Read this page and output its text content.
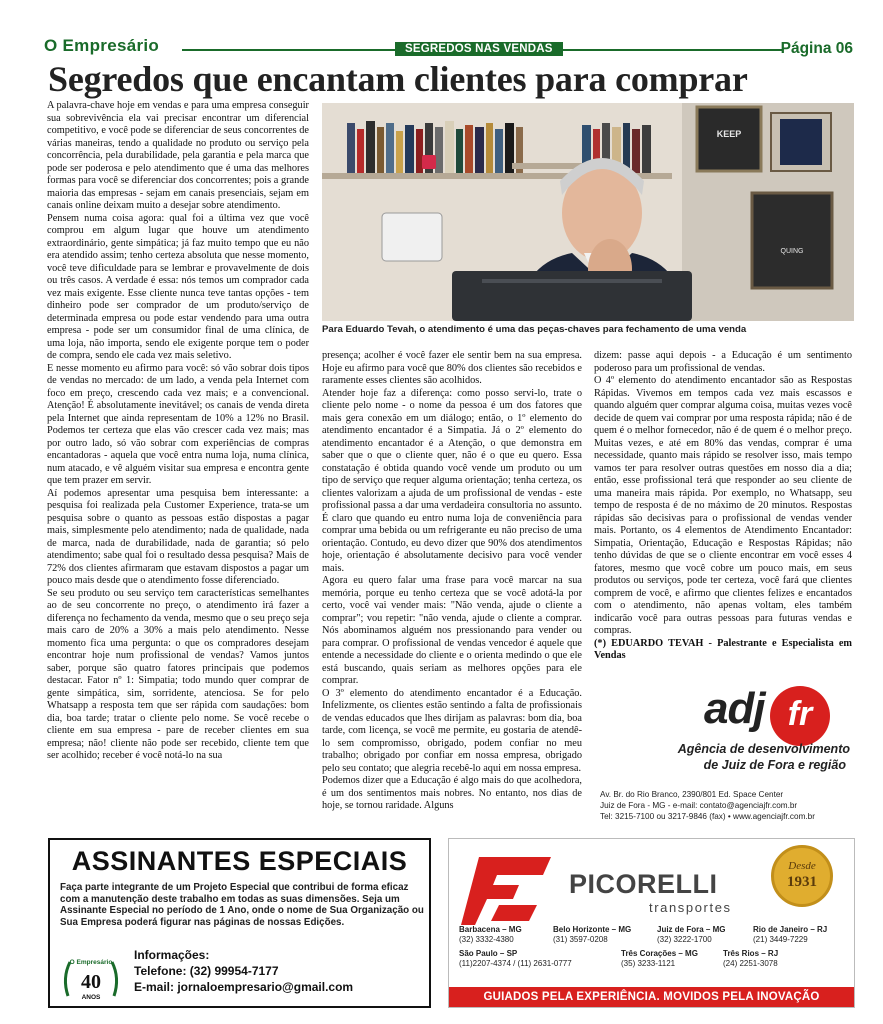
O Empresário	SEGREDOS NAS VENDAS	Página 06
Segredos que encantam clientes para comprar

A palavra-chave hoje em vendas e para uma empresa conseguir sua sobrevivência ela vai precisar encontrar um diferencial competitivo, e você pode se diferenciar de seus concorrentes de várias maneiras, tendo a qualidade no produto ou serviço pela concorrência, pela durabilidade, pela garantia e pela marca que pode ser poderosa e pelo atendimento que é uma das melhores formas para você se diferenciar dos concorrentes; pois a grande maioria das empresas - sejam em canais presenciais, sejam em canais online deixam muito a desejar sobre atendimento.

Pensem numa coisa agora: qual foi a última vez que você comprou em algum lugar que houve um atendimento extraordinário, gente simpática; já faz muito tempo que eu não era atendido assim; tenho certeza absoluta que nesse momento, você teve dificuldade para se lembrar e provavelmente de dois ou três casos. A verdade é essa: nós temos um comprador cada vez mais exigente. Esse cliente nunca teve tantas opções - tem dinheiro pode ser comprador de um produto/serviço de determinada empresa ou pode estar vendendo para uma outra empresa - pode ser um consumidor final de uma clínica, de uma loja, não importa, sendo ele exigente porque tem o poder de compra, sendo ele cada vez mais seletivo.

E nesse momento eu afirmo para você: só vão sobrar dois tipos de vendas no mercado: de um lado, a venda pela Internet com foco em preço, crescendo cada vez mais; e a convencional. Atenção! É absolutamente inevitável; os canais de venda direta pela Internet que ainda representam de 10% a 12% no Brasil. Podemos ter certeza que elas vão crescer cada vez mais; mas por outro lado, só vão sobrar com experiências de compras encantadoras - aquela que você entra numa loja, numa clínica, num atacado, e vê alguém visitar sua empresa e encontra gente que tem prazer em servir.

Aí podemos apresentar uma pesquisa bem interessante: a pesquisa foi realizada pela Customer Experience, trata-se um pesquisa sobre o quanto as pessoas estão dispostas a pagar mais, simplesmente pelo atendimento; nada de qualidade, nada de marca, nada de durabilidade, nada de garantia; só pelo atendimento; sabe qual foi o resultado dessa pesquisa? Mais de 72% dos clientes afirmaram que estavam dispostos a pagar um pouco mais desde que o atendimento fosse diferenciado.

Se seu produto ou seu serviço tem características semelhantes ao de seu concorrente no preço, o atendimento irá fazer a diferença no fechamento da venda, mesmo que o seu preço seja mais caro de 20% a 30% a mais pelo atendimento. Nesse momento fica uma pergunta: o que os compradores desejam encontrar hoje num profissional de vendas? Vamos juntos saber, porque são quatro fatores principais que podemos destacar. Fator nº 1: Simpatia; todo mundo quer comprar de gente simpática, sim, sorridente, atenciosa. Se for pelo Whatsapp a resposta tem que ser rápida com saudações: bom dia, boa tarde; tratar o cliente pelo nome. Se você recebe o cliente em sua empresa - pare de receber clientes em sua empresa; não! cliente não pode ser recebido, cliente tem que ser acolhido; receber é você notá-lo na sua

KEEP
QUING
Para Eduardo Tevah, o atendimento é uma das peças-chaves para fechamento de uma venda

presença; acolher é você fazer ele sentir bem na sua empresa. Hoje eu afirmo para você que 80% dos clientes são recebidos e raramente esses clientes são acolhidos.

Atender hoje faz a diferença: como posso servi-lo, trate o cliente pelo nome - o nome da pessoa é um dos fatores que mais gera conexão em um diálogo; então, o 1º elemento do atendimento encantador é a Simpatia. Já o 2º elemento do atendimento encantador é a Atenção, o que demonstra em saber que o que o cliente quer, não é o que eu quero. Essa constatação é obtida quando você vende um produto ou um tipo de serviço que requer alguma orientação; tenha certeza, os clientes valorizam a ajuda de um profissional de vendas - este profissional passa a dar uma verdadeira consultoria no assunto. É claro que quando eu entro numa loja de conveniência para comprar uma bebida ou um refrigerante eu não preciso de uma orientação. Contudo, eu devo dizer que 90% dos atendimentos hoje, orientação é absolutamente decisivo para você vender mais.

Agora eu quero falar uma frase para você marcar na sua memória, porque eu tenho certeza que se você adotá-la por certo, você vai vender mais: "Não venda, ajude o cliente a comprar"; vou repetir: "não venda, ajude o cliente a comprar. Nós abominamos alguém nos pressionando para vender ou para comprar. O profissional de vendas vencedor é aquele que entende a necessidade do cliente e o orienta medindo o que ele está buscando, quais seriam as melhores opções para ele comprar.

O 3º elemento do atendimento encantador é a Educação. Infelizmente, os clientes estão sentindo a falta de profissionais de vendas educados que lhes dirijam as palavras: bom dia, boa tarde, com licença, se você me permite, eu gostaria de atendê-lo sem compromisso, obrigado, podem confiar no meu trabalho; obrigado por confiar em nossa empresa, obrigado pelo seu contato; que alegria recebê-lo aqui em nossa empresa.

Podemos dizer que a Educação é algo mais do que acolhedora, é um dos sentimentos mais nobres. No entanto, nos dias de hoje, se tornou raridade. Alguns

dizem: passe aqui depois - a Educação é um sentimento poderoso para um profissional de vendas.

O 4º elemento do atendimento encantador são as Respostas Rápidas. Vivemos em tempos cada vez mais escassos e quando alguém quer comprar alguma coisa, muitas vezes você decide de quem vai comprar por uma resposta rápida; não é de quem é o melhor fornecedor, não é de quem é o melhor preço. Muitas vezes, e até em 80% das vendas, comprar é uma necessidade, quanto mais rápido se resolver isso, mais tempo vamos ter para resolver outras questões em nosso dia a dia; então, esse profissional terá que responder ao seu cliente de uma maneira mais rápida. Por exemplo, no Whatsapp, seu tempo de resposta é de no máximo de 20 minutos. Respostas rápidas são decisivas para o profissional de vendas vender mais. Portanto, os 4 elementos de Atendimento Encantador: Simpatia, Orientação, Educação e Respostas Rápidas; não tenho dúvidas de que se o cliente encontrar em você esses 4 fatores, mesmo que você cobre um pouco mais, em seus produtos ou serviços, pode ter certeza, você fará que clientes comprem de você, e afirmo que clientes felizes e encantados com o atendimento, não apenas voltam, eles também indicarão você para outras pessoas para futuras vendas e compras.

(*) EDUARDO TEVAH - Palestrante e Especialista em Vendas

adj fr
Agência de desenvolvimento
de Juiz de Fora e região
Av. Br. do Rio Branco, 2390/801 Ed. Space Center
Juiz de Fora - MG - e-mail: contato@agenciajfr.com.br
Tel: 3215-7100 ou 3217-9846 (fax) • www.agenciajfr.com.br
ASSINANTES ESPECIAIS
Faça parte integrante de um Projeto Especial que contribui de forma eficaz com a manutenção deste trabalho em todas as suas dimensões. Seja um Assinante Especial no período de 1 Ano, onde o nome de Sua Organização ou Sua Empresa poderá figurar nas páginas de nossas Edições.
O Empresário
40
ANOS
Informações:
Telefone: (32) 99954-7177
E-mail: jornaloempresario@gmail.com
PICORELLI
transportes
Desde
1931
Barbacena – MG
(32) 3332-4380
Belo Horizonte – MG
(31) 3597-0208
Juiz de Fora – MG
(32) 3222-1700
Rio de Janeiro – RJ
(21) 3449-7229
São Paulo – SP
(11)2207-4374 / (11) 2631-0777
Três Corações – MG
(35) 3233-1121
Três Rios – RJ
(24) 2251-3078
GUIADOS PELA EXPERIÊNCIA. MOVIDOS PELA INOVAÇÃO
